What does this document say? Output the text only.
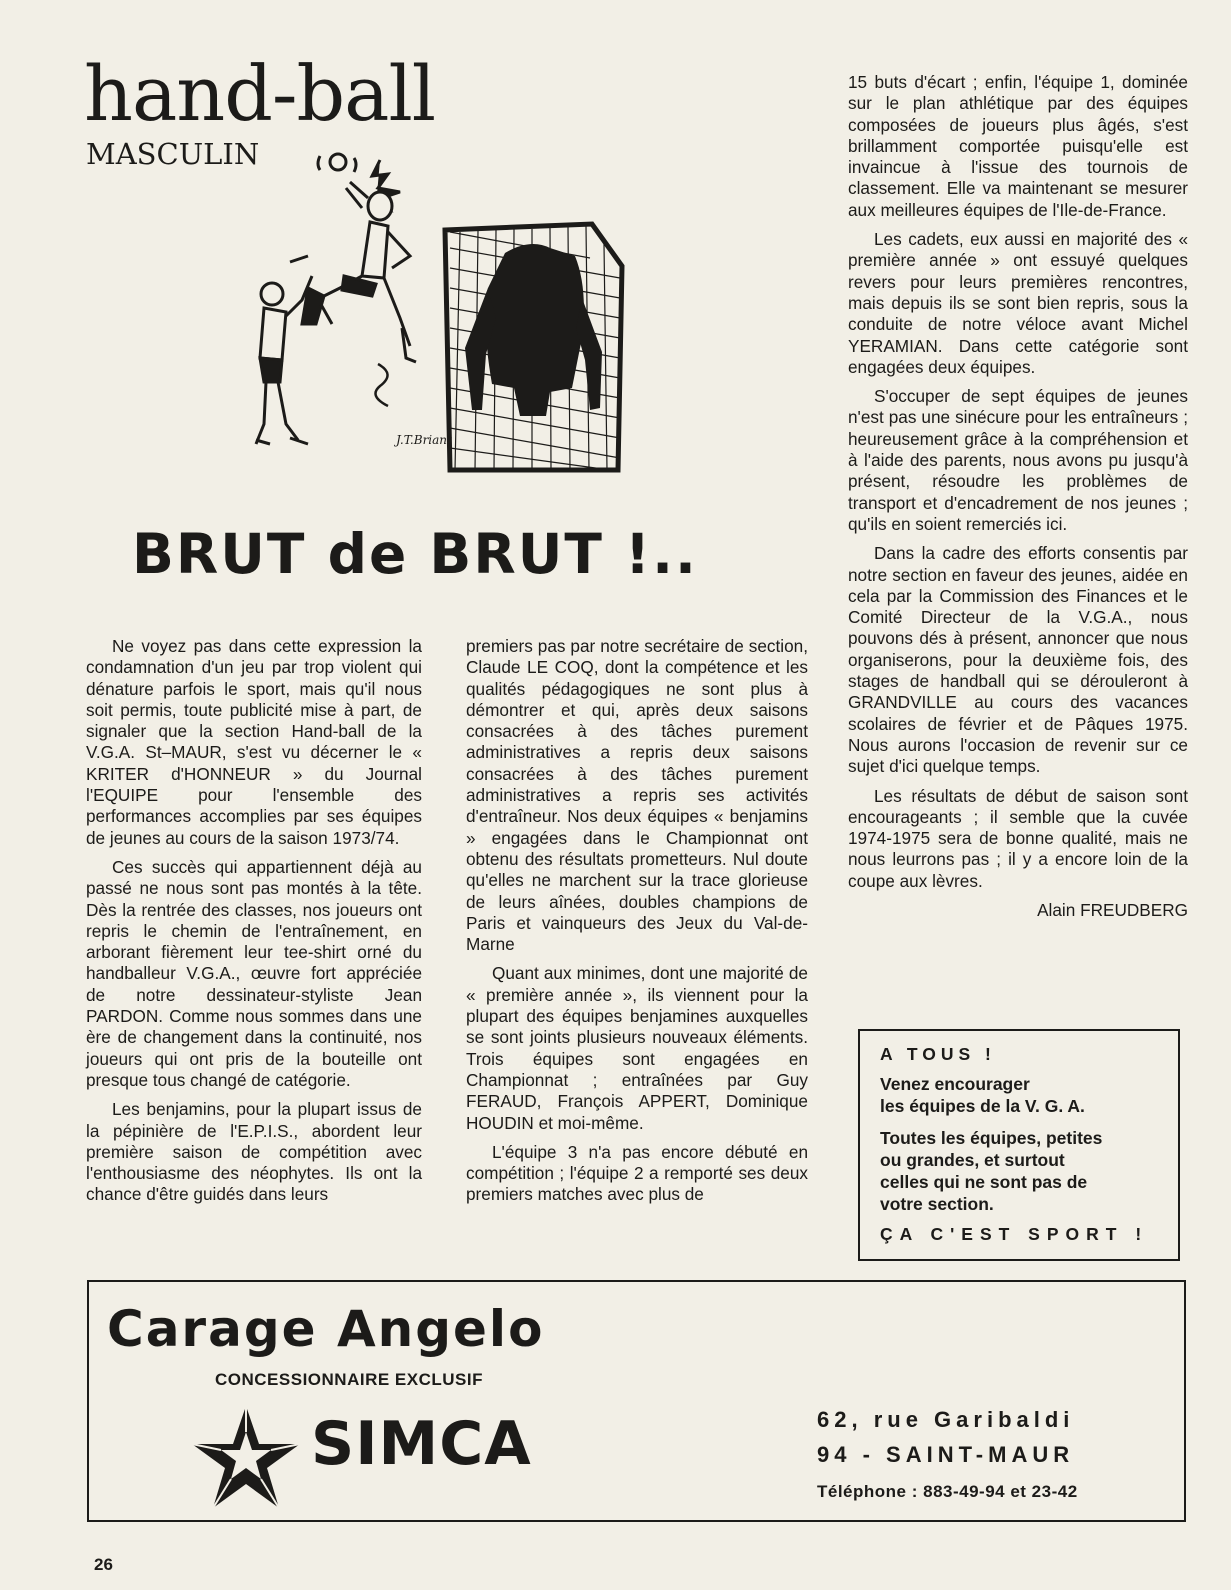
hand-ball
MASCULIN
J.T.Briant
BRUT de BRUT !..

Ne voyez pas dans cette expression la condamnation d'un jeu par trop violent qui dénature parfois le sport, mais qu'il nous soit permis, toute publicité mise à part, de signaler que la section Hand-ball de la V.G.A. St–MAUR, s'est vu décerner le « KRITER d'HONNEUR » du Journal l'EQUIPE pour l'ensemble des performances accomplies par ses équipes de jeunes au cours de la saison 1973/74.

Ces succès qui appartiennent déjà au passé ne nous sont pas montés à la tête. Dès la rentrée des classes, nos joueurs ont repris le chemin de l'entraînement, en arborant fièrement leur tee-shirt orné du handballeur V.G.A., œuvre fort appréciée de notre dessinateur-styliste Jean PARDON. Comme nous sommes dans une ère de changement dans la continuité, nos joueurs qui ont pris de la bouteille ont presque tous changé de catégorie.

Les benjamins, pour la plupart issus de la pépinière de l'E.P.I.S., abordent leur première saison de compétition avec l'enthousiasme des néophytes. Ils ont la chance d'être guidés dans leurs

premiers pas par notre secrétaire de section, Claude LE COQ, dont la compétence et les qualités pédagogiques ne sont plus à démontrer et qui, après deux saisons consacrées à des tâches purement administratives a repris deux saisons consacrées à des tâches purement administratives a repris ses activités d'entraîneur. Nos deux équipes « benjamins » engagées dans le Championnat ont obtenu des résultats prometteurs. Nul doute qu'elles ne marchent sur la trace glorieuse de leurs aînées, doubles champions de Paris et vainqueurs des Jeux du Val-de-Marne

Quant aux minimes, dont une majorité de « première année », ils viennent pour la plupart des équipes benjamines auxquelles se sont joints plusieurs nouveaux éléments. Trois équipes sont engagées en Championnat ; entraînées par Guy FERAUD, François APPERT, Dominique HOUDIN et moi-même.

L'équipe 3 n'a pas encore débuté en compétition ; l'équipe 2 a remporté ses deux premiers matches avec plus de

15 buts d'écart ; enfin, l'équipe 1, dominée sur le plan athlétique par des équipes composées de joueurs plus âgés, s'est brillamment comportée puisqu'elle est invaincue à l'issue des tournois de classement. Elle va maintenant se mesurer aux meilleures équipes de l'Ile-de-France.

Les cadets, eux aussi en majorité des « première année » ont essuyé quelques revers pour leurs premières rencontres, mais depuis ils se sont bien repris, sous la conduite de notre véloce avant Michel YERAMIAN. Dans cette catégorie sont engagées deux équipes.

S'occuper de sept équipes de jeunes n'est pas une sinécure pour les entraîneurs ; heureusement grâce à la compréhension et à l'aide des parents, nous avons pu jusqu'à présent, résoudre les problèmes de transport et d'encadrement de nos jeunes ; qu'ils en soient remerciés ici.

Dans la cadre des efforts consentis par notre section en faveur des jeunes, aidée en cela par la Commission des Finances et le Comité Directeur de la V.G.A., nous pouvons dés à présent, annoncer que nous organiserons, pour la deuxième fois, des stages de handball qui se dérouleront à GRANDVILLE au cours des vacances scolaires de février et de Pâques 1975. Nous aurons l'occasion de revenir sur ce sujet d'ici quelque temps.

Les résultats de début de saison sont encourageants ; il semble que la cuvée 1974-1975 sera de bonne qualité, mais ne nous leurrons pas ; il y a encore loin de la coupe aux lèvres.

Alain FREUDBERG

A TOUS !
Venez encourager
les équipes de la V. G. A.
Toutes les équipes, petites
ou grandes, et surtout
celles qui ne sont pas de
votre section.
ÇA C'EST SPORT !
Carage Angelo
CONCESSIONNAIRE EXCLUSIF
SIMCA	62, rue Garibaldi
94 - SAINT-MAUR
Téléphone : 883-49-94 et 23-42
26
